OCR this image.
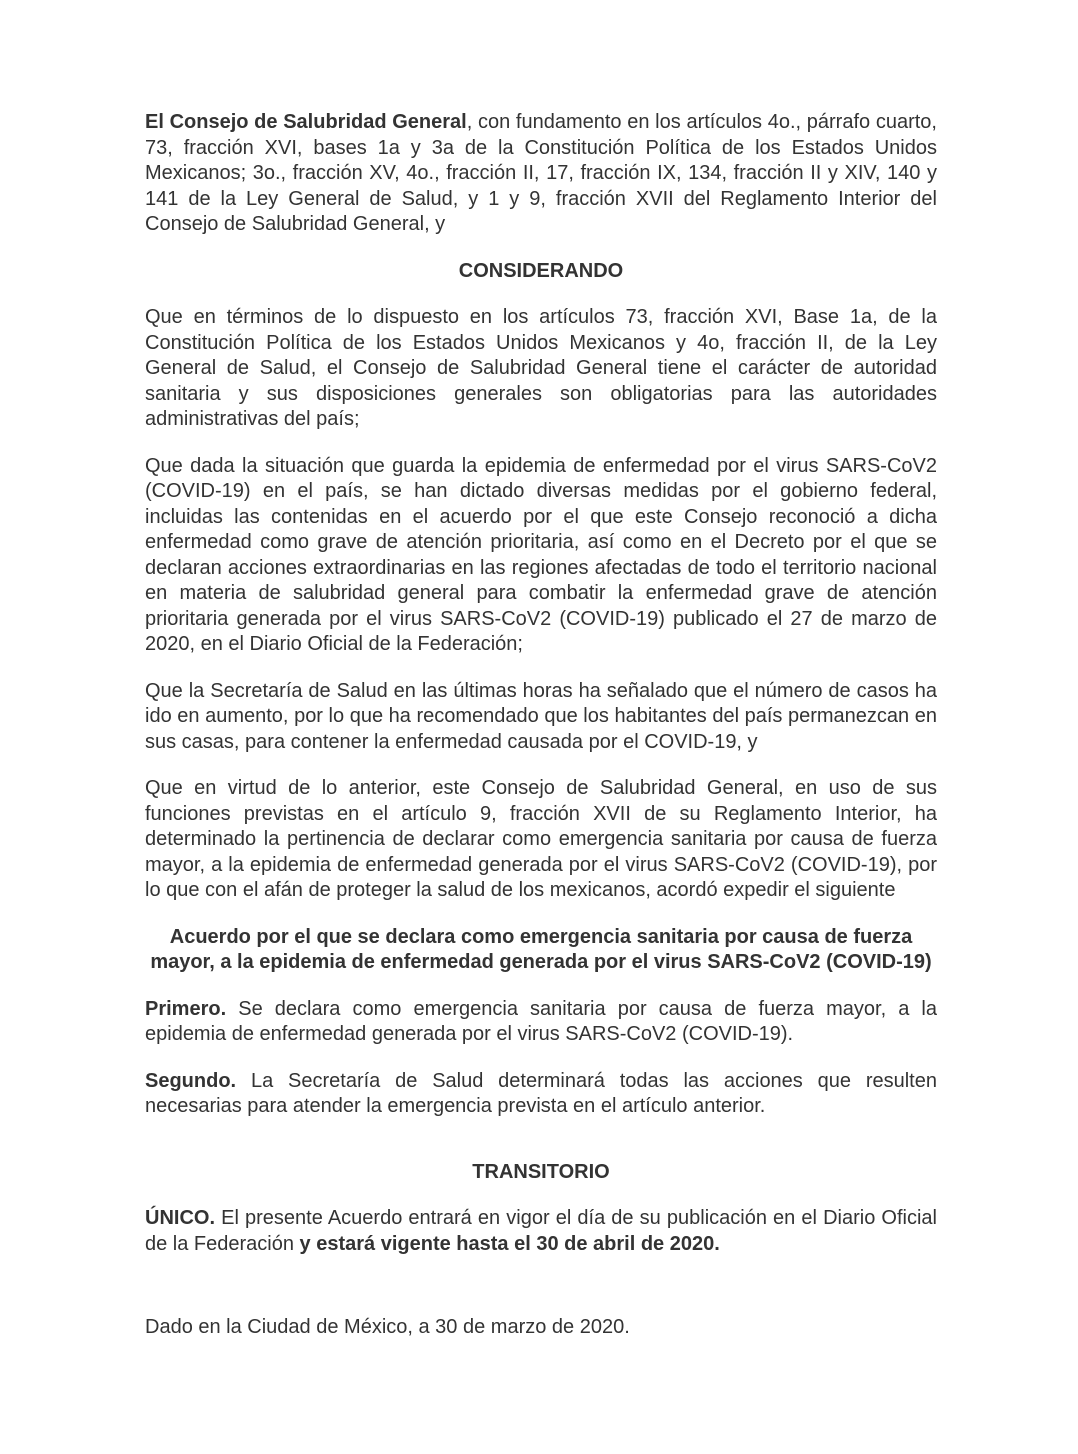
El Consejo de Salubridad General, con fundamento en los artículos 4o., párrafo cuarto, 73, fracción XVI, bases 1a y 3a de la Constitución Política de los Estados Unidos Mexicanos; 3o., fracción XV, 4o., fracción II, 17, fracción IX, 134, fracción II y XIV, 140 y 141 de la Ley General de Salud, y 1 y 9, fracción XVII del Reglamento Interior del Consejo de Salubridad General, y

CONSIDERANDO

Que en términos de lo dispuesto en los artículos 73, fracción XVI, Base 1a, de la Constitución Política de los Estados Unidos Mexicanos y 4o, fracción II, de la Ley General de Salud, el Consejo de Salubridad General tiene el carácter de autoridad sanitaria y sus disposiciones generales son obligatorias para las autoridades administrativas del país;

Que dada la situación que guarda la epidemia de enfermedad por el virus SARS-CoV2 (COVID-19) en el país, se han dictado diversas medidas por el gobierno federal, incluidas las contenidas en el acuerdo por el que este Consejo reconoció a dicha enfermedad como grave de atención prioritaria, así como en el Decreto por el que se declaran acciones extraordinarias en las regiones afectadas de todo el territorio nacional en materia de salubridad general para combatir la enfermedad grave de atención prioritaria generada por el virus SARS-CoV2 (COVID-19) publicado el 27 de marzo de 2020, en el Diario Oficial de la Federación;

Que la Secretaría de Salud en las últimas horas ha señalado que el número de casos ha ido en aumento, por lo que ha recomendado que los habitantes del país permanezcan en sus casas, para contener la enfermedad causada por el COVID-19, y

Que en virtud de lo anterior, este Consejo de Salubridad General, en uso de sus funciones previstas en el artículo 9, fracción XVII de su Reglamento Interior, ha determinado la pertinencia de declarar como emergencia sanitaria por causa de fuerza mayor, a la epidemia de enfermedad generada por el virus SARS-CoV2 (COVID-19), por lo que con el afán de proteger la salud de los mexicanos, acordó expedir el siguiente

Acuerdo por el que se declara como emergencia sanitaria por causa de fuerza mayor, a la epidemia de enfermedad generada por el virus SARS-CoV2 (COVID-19)

Primero. Se declara como emergencia sanitaria por causa de fuerza mayor, a la epidemia de enfermedad generada por el virus SARS-CoV2 (COVID-19).

Segundo. La Secretaría de Salud determinará todas las acciones que resulten necesarias para atender la emergencia prevista en el artículo anterior.

TRANSITORIO

ÚNICO. El presente Acuerdo entrará en vigor el día de su publicación en el Diario Oficial de la Federación y estará vigente hasta el 30 de abril de 2020.

Dado en la Ciudad de México, a 30 de marzo de 2020.
